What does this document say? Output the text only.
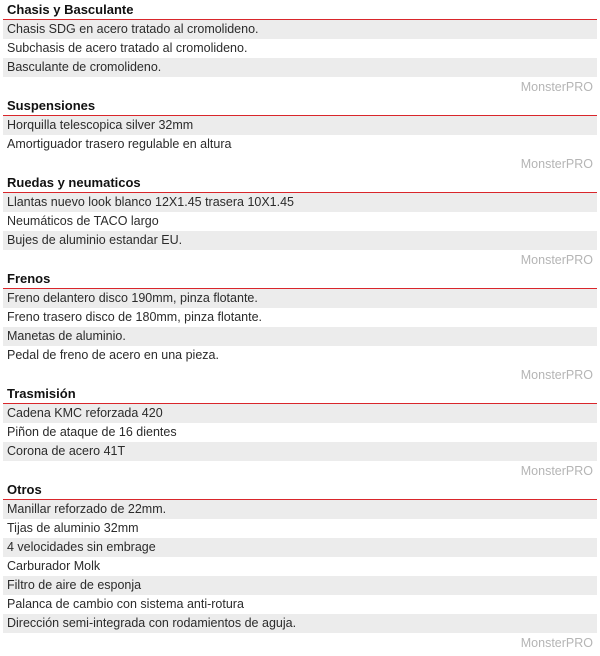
Chasis y Basculante
Chasis SDG en acero tratado al cromolideno.
Subchasis de acero tratado al cromolideno.
Basculante de cromolideno.
MonsterPRO
Suspensiones
Horquilla telescopica silver 32mm
Amortiguador trasero regulable en altura
MonsterPRO
Ruedas y neumaticos
Llantas nuevo look blanco 12X1.45 trasera 10X1.45
Neumáticos de TACO largo
Bujes de aluminio estandar EU.
MonsterPRO
Frenos
Freno delantero disco 190mm, pinza flotante.
Freno trasero disco de 180mm, pinza flotante.
Manetas de aluminio.
Pedal de freno de acero en una pieza.
MonsterPRO
Trasmisión
Cadena KMC reforzada 420
Piñon de ataque de 16 dientes
Corona de acero 41T
MonsterPRO
Otros
Manillar reforzado de 22mm.
Tijas de aluminio 32mm
4 velocidades sin embrage
Carburador Molk
Filtro de aire de esponja
Palanca de cambio con sistema anti-rotura
Dirección semi-integrada con rodamientos de aguja.
MonsterPRO
